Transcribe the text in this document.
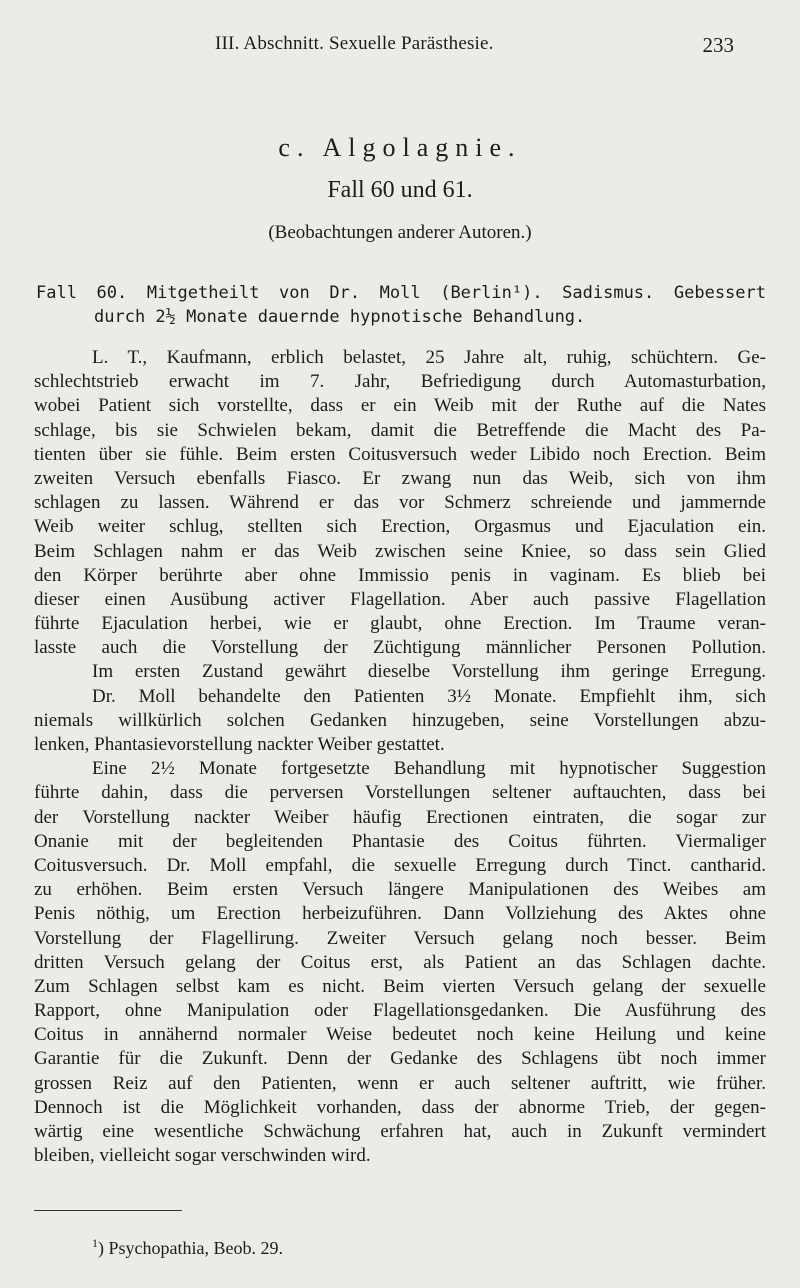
III. Abschnitt. Sexuelle Parästhesie.	233
c. Algolagnie.
Fall 60 und 61.
(Beobachtungen anderer Autoren.)
Fall 60. Mitgetheilt von Dr. Moll (Berlin¹). Sadismus. Gebessert
durch 2½ Monate dauernde hypnotische Behandlung.
L. T., Kaufmann, erblich belastet, 25 Jahre alt, ruhig, schüchtern. Ge-
schlechtstrieb erwacht im 7. Jahr, Befriedigung durch Automasturbation,
wobei Patient sich vorstellte, dass er ein Weib mit der Ruthe auf die Nates
schlage, bis sie Schwielen bekam, damit die Betreffende die Macht des Pa-
tienten über sie fühle. Beim ersten Coitusversuch weder Libido noch Erection. Beim
zweiten Versuch ebenfalls Fiasco. Er zwang nun das Weib, sich von ihm
schlagen zu lassen. Während er das vor Schmerz schreiende und jammernde
Weib weiter schlug, stellten sich Erection, Orgasmus und Ejaculation ein.
Beim Schlagen nahm er das Weib zwischen seine Kniee, so dass sein Glied
den Körper berührte aber ohne Immissio penis in vaginam. Es blieb bei
dieser einen Ausübung activer Flagellation. Aber auch passive Flagellation
führte Ejaculation herbei, wie er glaubt, ohne Erection. Im Traume veran-
lasste auch die Vorstellung der Züchtigung männlicher Personen Pollution.
Im ersten Zustand gewährt dieselbe Vorstellung ihm geringe Erregung.
Dr. Moll behandelte den Patienten 3½ Monate. Empfiehlt ihm, sich
niemals willkürlich solchen Gedanken hinzugeben, seine Vorstellungen abzu-
lenken, Phantasievorstellung nackter Weiber gestattet.
Eine 2½ Monate fortgesetzte Behandlung mit hypnotischer Suggestion
führte dahin, dass die perversen Vorstellungen seltener auftauchten, dass bei
der Vorstellung nackter Weiber häufig Erectionen eintraten, die sogar zur
Onanie mit der begleitenden Phantasie des Coitus führten. Viermaliger
Coitusversuch. Dr. Moll empfahl, die sexuelle Erregung durch Tinct. cantharid.
zu erhöhen. Beim ersten Versuch längere Manipulationen des Weibes am
Penis nöthig, um Erection herbeizuführen. Dann Vollziehung des Aktes ohne
Vorstellung der Flagellirung. Zweiter Versuch gelang noch besser. Beim
dritten Versuch gelang der Coitus erst, als Patient an das Schlagen dachte.
Zum Schlagen selbst kam es nicht. Beim vierten Versuch gelang der sexuelle
Rapport, ohne Manipulation oder Flagellationsgedanken. Die Ausführung des
Coitus in annähernd normaler Weise bedeutet noch keine Heilung und keine
Garantie für die Zukunft. Denn der Gedanke des Schlagens übt noch immer
grossen Reiz auf den Patienten, wenn er auch seltener auftritt, wie früher.
Dennoch ist die Möglichkeit vorhanden, dass der abnorme Trieb, der gegen-
wärtig eine wesentliche Schwächung erfahren hat, auch in Zukunft vermindert
bleiben, vielleicht sogar verschwinden wird.
$^1$) Psychopathia, Beob. 29.
